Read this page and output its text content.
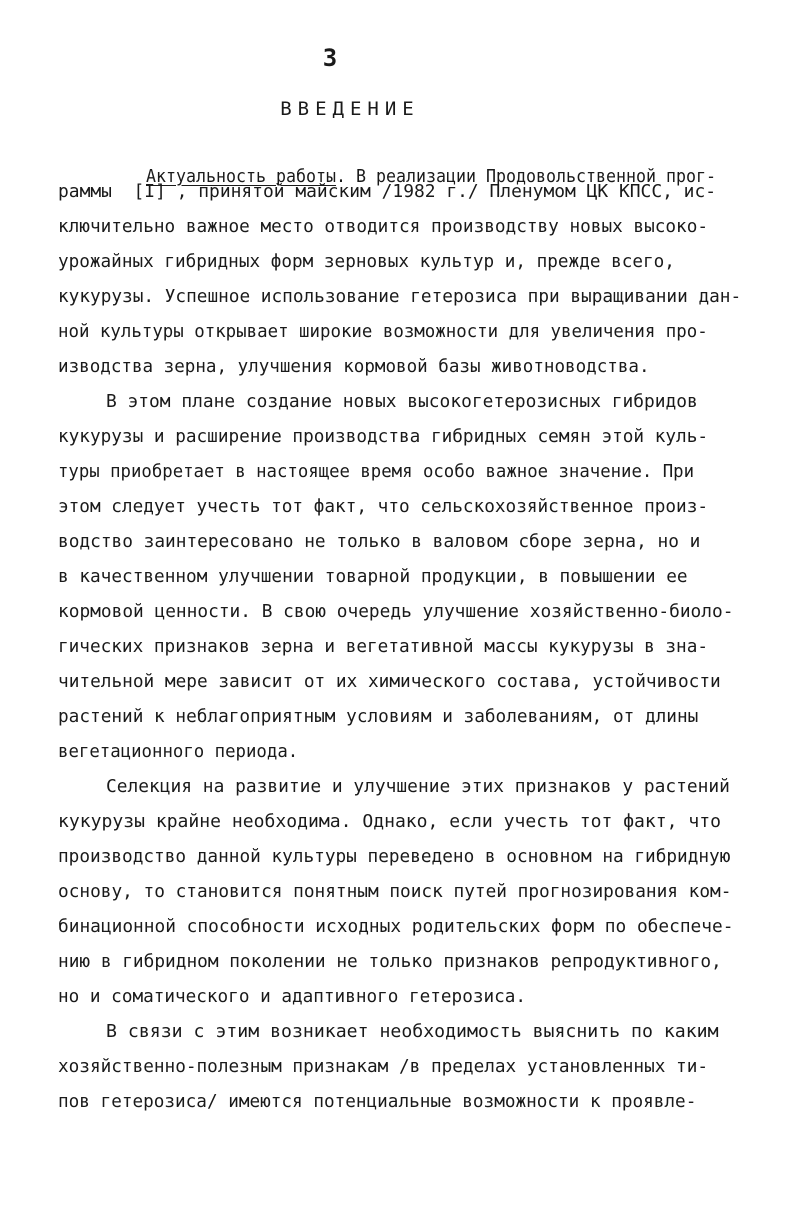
3
ВВЕДЕНИЕ

Актуальность работы. В реализации Продовольственной прог-

раммы  [I] , принятой майским /1982 г./ Пленумом ЦК КПСС, ис-
ключительно важное место отводится производству новых высоко-
урожайных гибридных форм зерновых культур и, прежде всего,
кукурузы. Успешное использование гетерозиса при выращивании дан-
ной культуры открывает широкие возможности для увеличения про-
изводства зерна, улучшения кормовой базы животноводства.
В этом плане создание новых высокогетерозисных гибридов
кукурузы и расширение производства гибридных семян этой куль-
туры приобретает в настоящее время особо важное значение. При
этом следует учесть тот факт, что сельскохозяйственное произ-
водство заинтересовано не только в валовом сборе зерна, но и
в качественном улучшении товарной продукции, в повышении ее
кормовой ценности. В свою очередь улучшение хозяйственно-биоло-
гических признаков зерна и вегетативной массы кукурузы в зна-
чительной мере зависит от их химического состава, устойчивости
растений к неблагоприятным условиям и заболеваниям, от длины
вегетационного периода.
Селекция на развитие и улучшение этих признаков у растений
кукурузы крайне необходима. Однако, если учесть тот факт, что
производство данной культуры переведено в основном на гибридную
основу, то становится понятным поиск путей прогнозирования ком-
бинационной способности исходных родительских форм по обеспече-
нию в гибридном поколении не только признаков репродуктивного,
но и соматического и адаптивного гетерозиса.
В связи с этим возникает необходимость выяснить по каким
хозяйственно-полезным признакам /в пределах установленных ти-
пов гетерозиса/ имеются потенциальные возможности к проявле-
